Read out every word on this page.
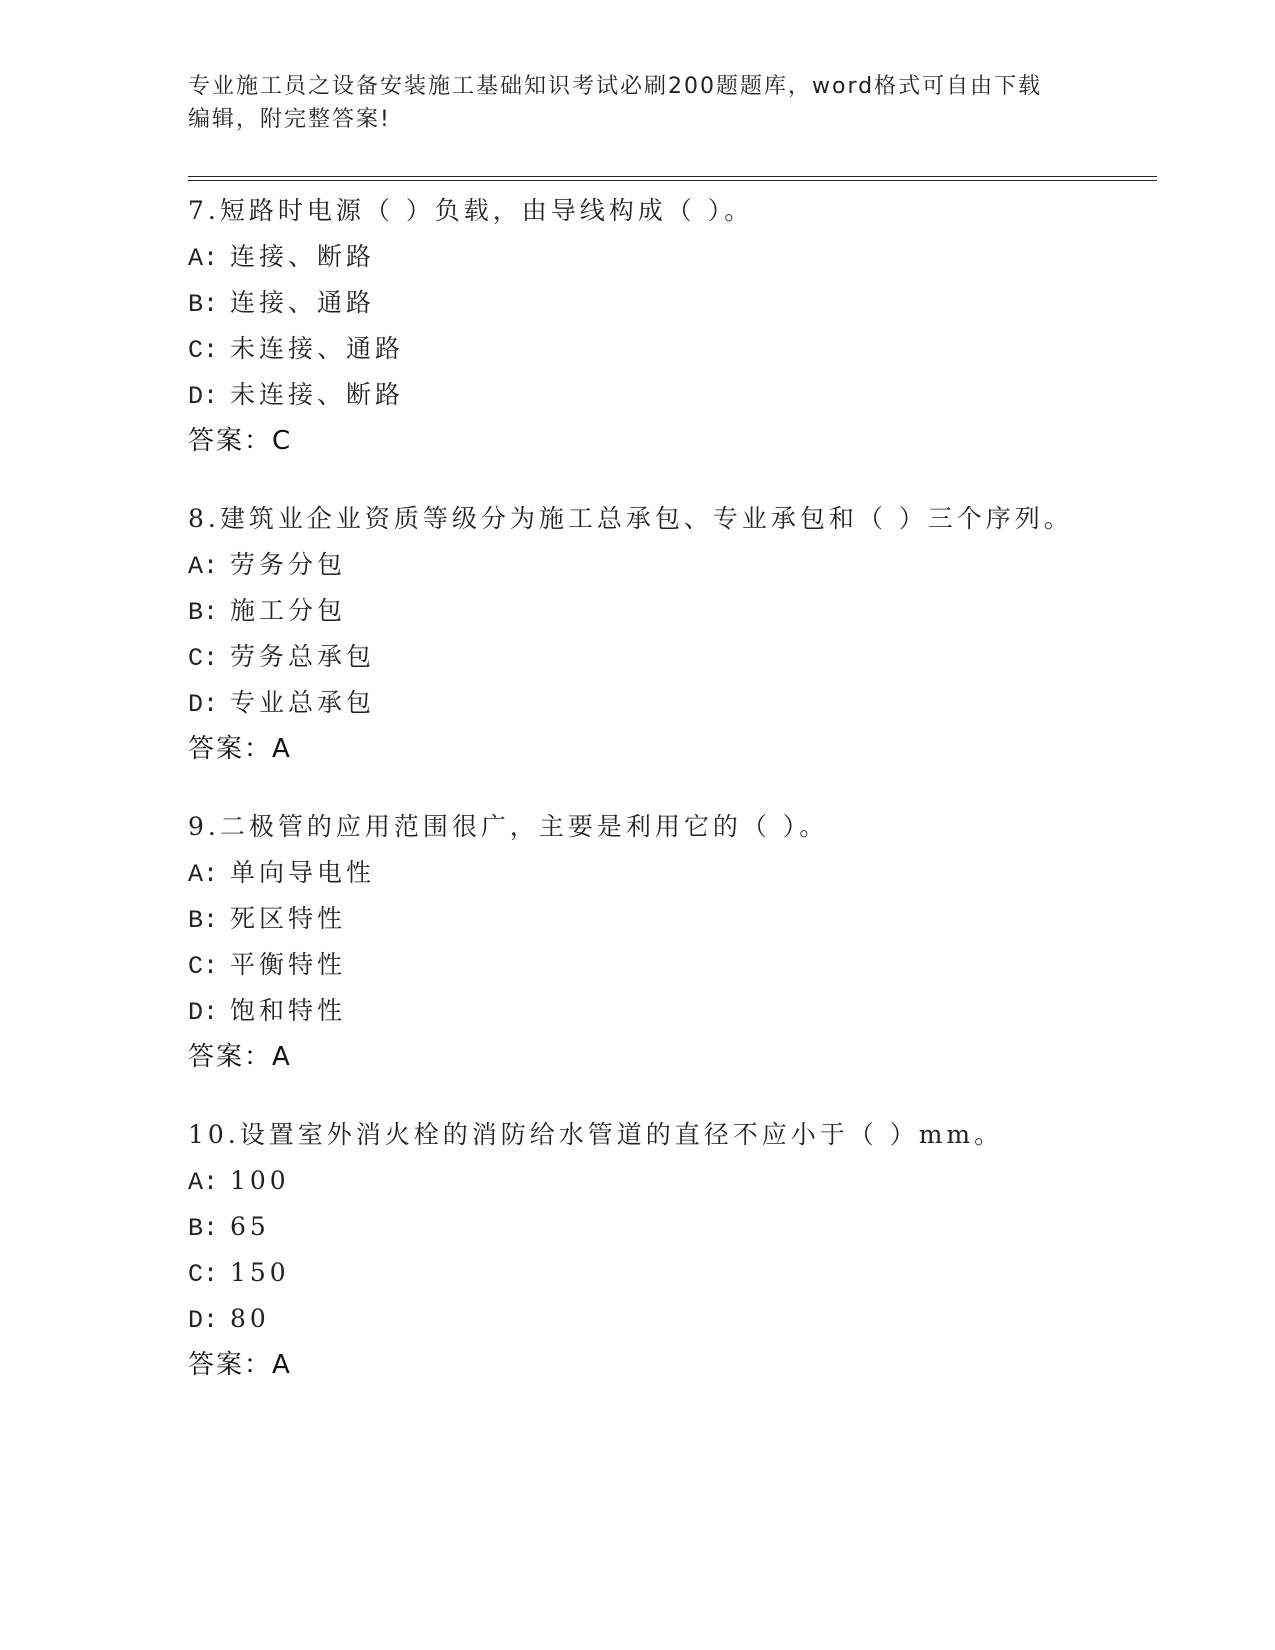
专业施工员之设备安装施工基础知识考试必刷200题题库，word格式可自由下载
编辑，附完整答案!
7.短路时电源（ ）负载，由导线构成（ ）。
A: 连接、断路
B: 连接、通路
C: 未连接、通路
D: 未连接、断路
答案：C
8.建筑业企业资质等级分为施工总承包、专业承包和（ ）三个序列。
A: 劳务分包
B: 施工分包
C: 劳务总承包
D: 专业总承包
答案：A
9.二极管的应用范围很广，主要是利用它的（ ）。
A: 单向导电性
B: 死区特性
C: 平衡特性
D: 饱和特性
答案：A
10.设置室外消火栓的消防给水管道的直径不应小于（ ）mm。
A: 100
B: 65
C: 150
D: 80
答案：A
